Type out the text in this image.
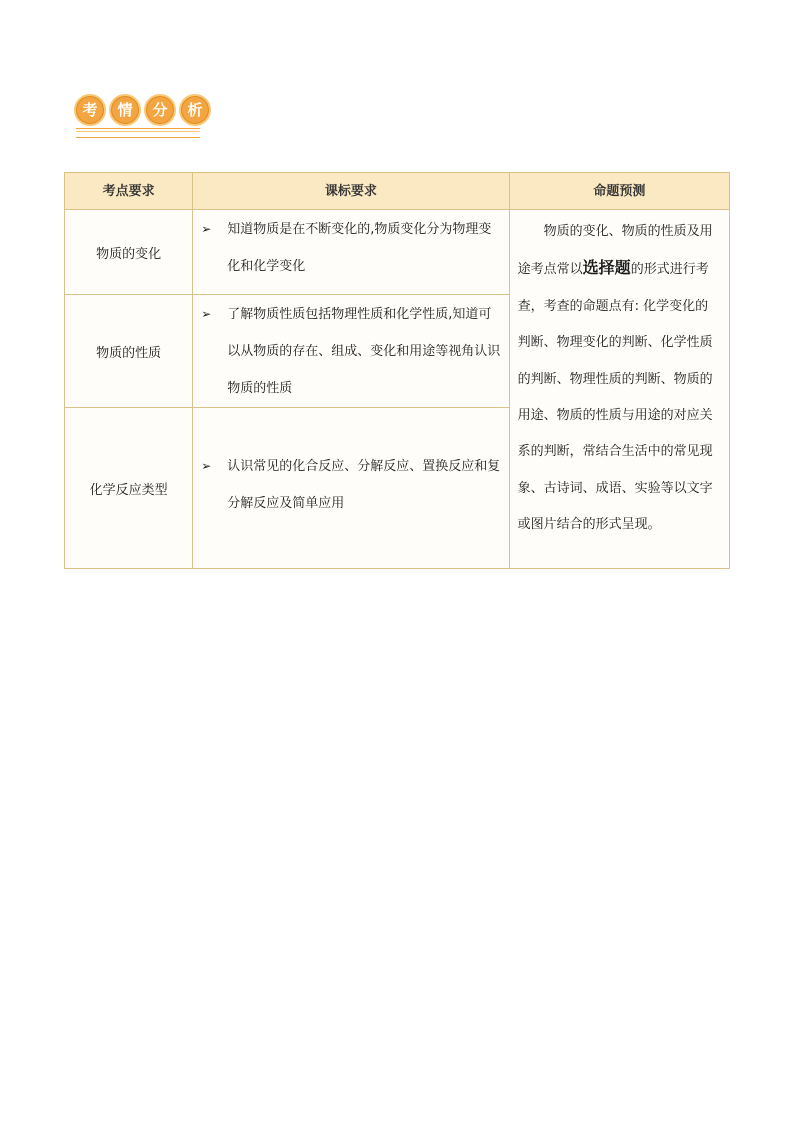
考	情	分	析
考点要求	课标要求	命题预测
物质的变化	➢ 知道物质是在不断变化的,物质变化分为物理变化和化学变化	物质的变化、物质的性质及用途考点常以选择题的形式进行考查，考查的命题点有: 化学变化的判断、物理变化的判断、化学性质的判断、物理性质的判断、物质的用途、物质的性质与用途的对应关系的判断，常结合生活中的常见现象、古诗词、成语、实验等以文字或图片结合的形式呈现。
物质的性质	➢ 了解物质性质包括物理性质和化学性质,知道可以从物质的存在、组成、变化和用途等视角认识物质的性质	

化学反应类型	➢ 认识常见的化合反应、分解反应、置换反应和复分解反应及简单应用	
